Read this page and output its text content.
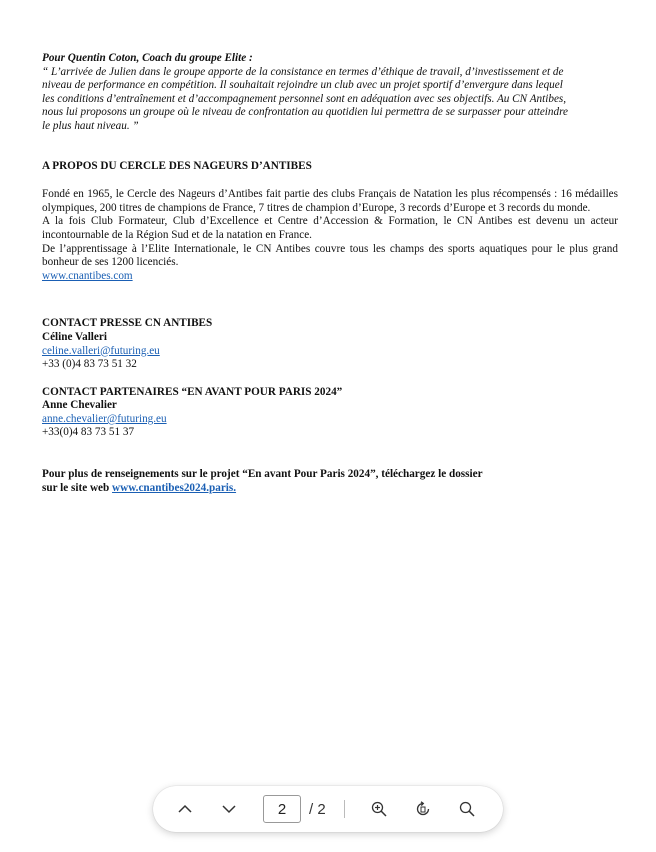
Pour Quentin Coton, Coach du groupe Elite :

“ L’arrivée de Julien dans le groupe apporte de la consistance en termes d’éthique de travail, d’investissement et de

niveau de performance en compétition. Il souhaitait rejoindre un club avec un projet sportif d’envergure dans lequel

les conditions d’entraînement et d’accompagnement personnel sont en adéquation avec ses objectifs. Au CN Antibes,

nous lui proposons un groupe où le niveau de confrontation au quotidien lui permettra de se surpasser pour atteindre

le plus haut niveau. ”

A PROPOS DU CERCLE DES NAGEURS D’ANTIBES

Fondé en 1965, le Cercle des Nageurs d’Antibes fait partie des clubs Français de Natation les plus récompensés : 16 médailles olympiques, 200 titres de champions de France, 7 titres de champion d’Europe, 3 records d’Europe et 3 records du monde.

A la fois Club Formateur, Club d’Excellence et Centre d’Accession & Formation, le CN Antibes est devenu un acteur incontournable de la Région Sud et de la natation en France.

De l’apprentissage à l’Elite Internationale, le CN Antibes couvre tous les champs des sports aquatiques pour le plus grand bonheur de ses 1200 licenciés.

www.cnantibes.com
CONTACT PRESSE CN ANTIBES
Céline Valleri
celine.valleri@futuring.eu
+33 (0)4 83 73 51 32
CONTACT PARTENAIRES “EN AVANT POUR PARIS 2024”
Anne Chevalier
anne.chevalier@futuring.eu
+33(0)4 83 73 51 37
Pour plus de renseignements sur le projet “En avant Pour Paris 2024”, téléchargez le dossier
sur le site web www.cnantibes2024.paris.
2	/ 2
